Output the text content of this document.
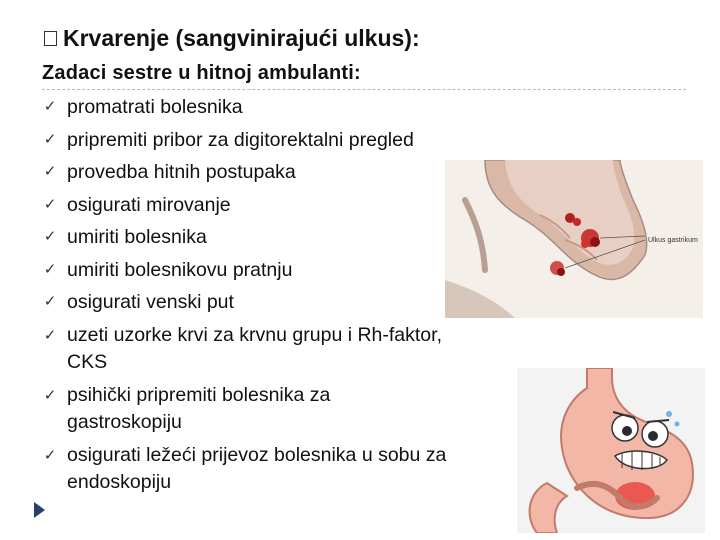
Krvarenje (sangvinirajući ulkus):
Zadaci sestre u hitnoj ambulanti:
✓ promatrati bolesnika
✓ pripremiti pribor za digitorektalni pregled
✓ provedba hitnih postupaka
✓ osigurati mirovanje
✓ umiriti bolesnika
✓ umiriti bolesnikovu pratnju
✓ osigurati venski put
✓ uzeti uzorke krvi za krvnu grupu i Rh-faktor, CKS
✓ psihički pripremiti bolesnika za gastroskopiju
✓ osigurati ležeći prijevoz bolesnika u sobu za endoskopiju
Ulkus gastrikum
